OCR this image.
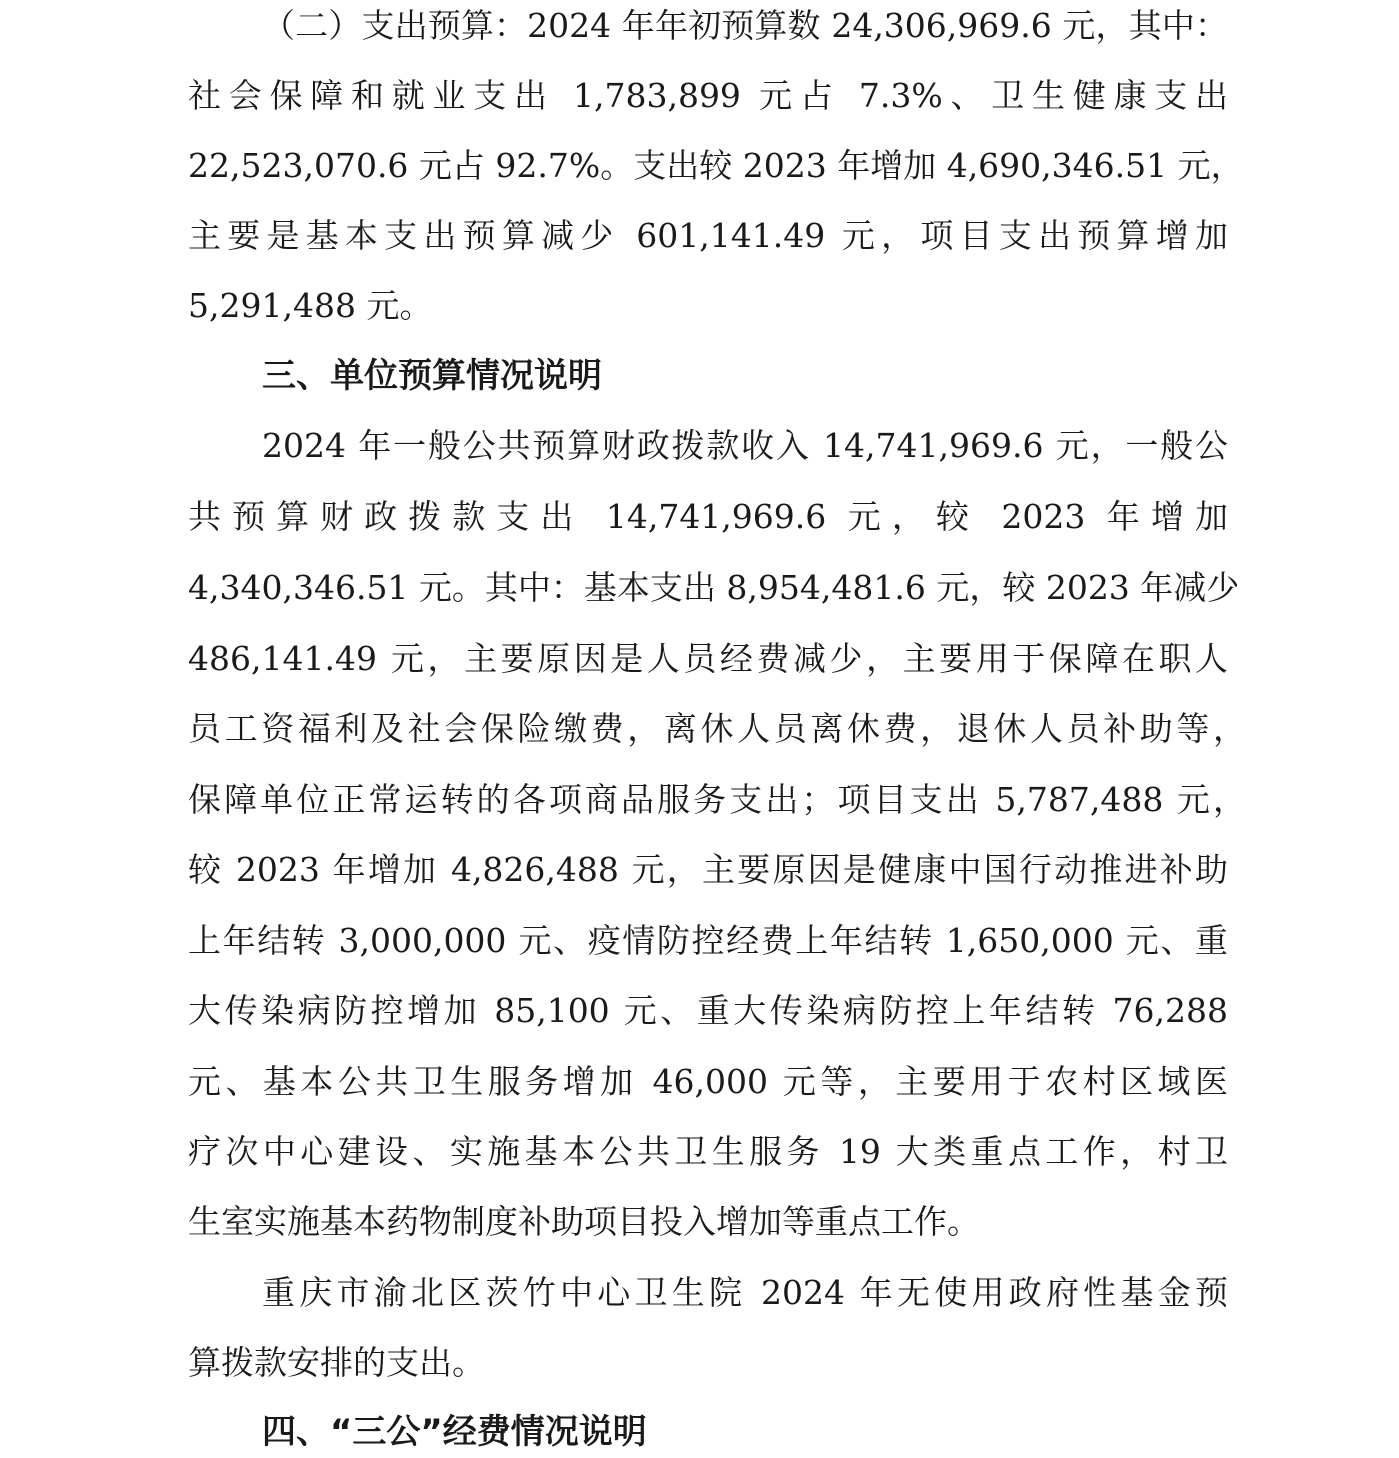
（二）支出预算：2024 年年初预算数 24,306,969.6 元，其中：
社会保障和就业支出 1,783,899 元占 7.3%、卫生健康支出
22,523,070.6 元占 92.7%。支出较 2023 年增加 4,690,346.51 元，
主要是基本支出预算减少 601,141.49 元，项目支出预算增加
5,291,488 元。
三、单位预算情况说明
2024 年一般公共预算财政拨款收入 14,741,969.6 元，一般公
共预算财政拨款支出 14,741,969.6 元，较 2023 年增加
4,340,346.51 元。其中：基本支出 8,954,481.6 元，较 2023 年减少
486,141.49 元，主要原因是人员经费减少，主要用于保障在职人
员工资福利及社会保险缴费，离休人员离休费，退休人员补助等，
保障单位正常运转的各项商品服务支出；项目支出 5,787,488 元，
较 2023 年增加 4,826,488 元，主要原因是健康中国行动推进补助
上年结转 3,000,000 元、疫情防控经费上年结转 1,650,000 元、重
大传染病防控增加 85,100 元、重大传染病防控上年结转 76,288
元、基本公共卫生服务增加 46,000 元等，主要用于农村区域医
疗次中心建设、实施基本公共卫生服务 19 大类重点工作，村卫
生室实施基本药物制度补助项目投入增加等重点工作。
重庆市渝北区茨竹中心卫生院 2024 年无使用政府性基金预
算拨款安排的支出。
四、“三公”经费情况说明
